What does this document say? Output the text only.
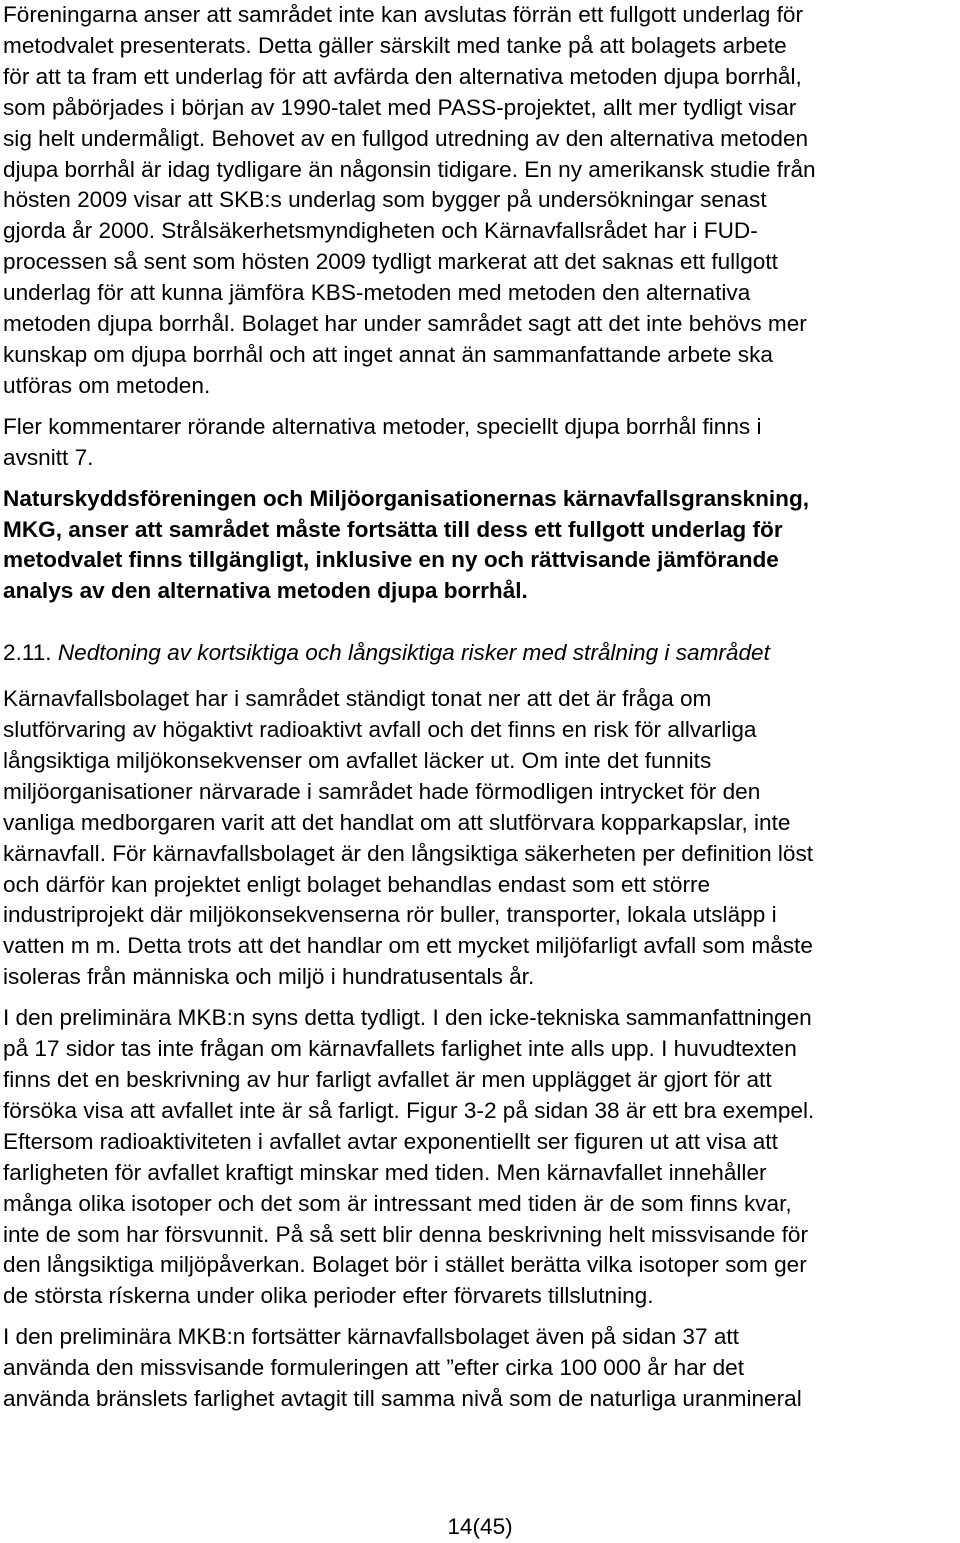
Föreningarna anser att samrådet inte kan avslutas förrän ett fullgott underlag för
metodvalet presenterats. Detta gäller särskilt med tanke på att bolagets arbete
för att ta fram ett underlag för att avfärda den alternativa metoden djupa borrhål,
som påbörjades i början av 1990-talet med PASS-projektet, allt mer tydligt visar
sig helt undermåligt. Behovet av en fullgod utredning av den alternativa metoden
djupa borrhål är idag tydligare än någonsin tidigare. En ny amerikansk studie från
hösten 2009 visar att SKB:s underlag som bygger på undersökningar senast
gjorda år 2000. Strålsäkerhetsmyndigheten och Kärnavfallsrådet har i FUD-
processen så sent som hösten 2009 tydligt markerat att det saknas ett fullgott
underlag för att kunna jämföra KBS-metoden med metoden den alternativa
metoden djupa borrhål. Bolaget har under samrådet sagt att det inte behövs mer
kunskap om djupa borrhål och att inget annat än sammanfattande arbete ska
utföras om metoden.
Fler kommentarer rörande alternativa metoder, speciellt djupa borrhål finns i
avsnitt 7.
Naturskyddsföreningen och Miljöorganisationernas kärnavfallsgranskning,
MKG, anser att samrådet måste fortsätta till dess ett fullgott underlag för
metodvalet finns tillgängligt, inklusive en ny och rättvisande jämförande
analys av den alternativa metoden djupa borrhål.
2.11. Nedtoning av kortsiktiga och långsiktiga risker med strålning i samrådet
Kärnavfallsbolaget har i samrådet ständigt tonat ner att det är fråga om
slutförvaring av högaktivt radioaktivt avfall och det finns en risk för allvarliga
långsiktiga miljökonsekvenser om avfallet läcker ut. Om inte det funnits
miljöorganisationer närvarade i samrådet hade förmodligen intrycket för den
vanliga medborgaren varit att det handlat om att slutförvara kopparkapslar, inte
kärnavfall. För kärnavfallsbolaget är den långsiktiga säkerheten per definition löst
och därför kan projektet enligt bolaget behandlas endast som ett större
industriprojekt där miljökonsekvenserna rör buller, transporter, lokala utsläpp i
vatten m m. Detta trots att det handlar om ett mycket miljöfarligt avfall som måste
isoleras från människa och miljö i hundratusentals år.
I den preliminära MKB:n syns detta tydligt. I den icke-tekniska sammanfattningen
på 17 sidor tas inte frågan om kärnavfallets farlighet inte alls upp. I huvudtexten
finns det en beskrivning av hur farligt avfallet är men upplägget är gjort för att
försöka visa att avfallet inte är så farligt. Figur 3-2 på sidan 38 är ett bra exempel.
Eftersom radioaktiviteten i avfallet avtar exponentiellt ser figuren ut att visa att
farligheten för avfallet kraftigt minskar med tiden. Men kärnavfallet innehåller
många olika isotoper och det som är intressant med tiden är de som finns kvar,
inte de som har försvunnit. På så sett blir denna beskrivning helt missvisande för
den långsiktiga miljöpåverkan. Bolaget bör i stället berätta vilka isotoper som ger
de största rískerna under olika perioder efter förvarets tillslutning.
I den preliminära MKB:n fortsätter kärnavfallsbolaget även på sidan 37 att
använda den missvisande formuleringen att ”efter cirka 100 000 år har det
använda bränslets farlighet avtagit till samma nivå som de naturliga uranmineral
14(45)
